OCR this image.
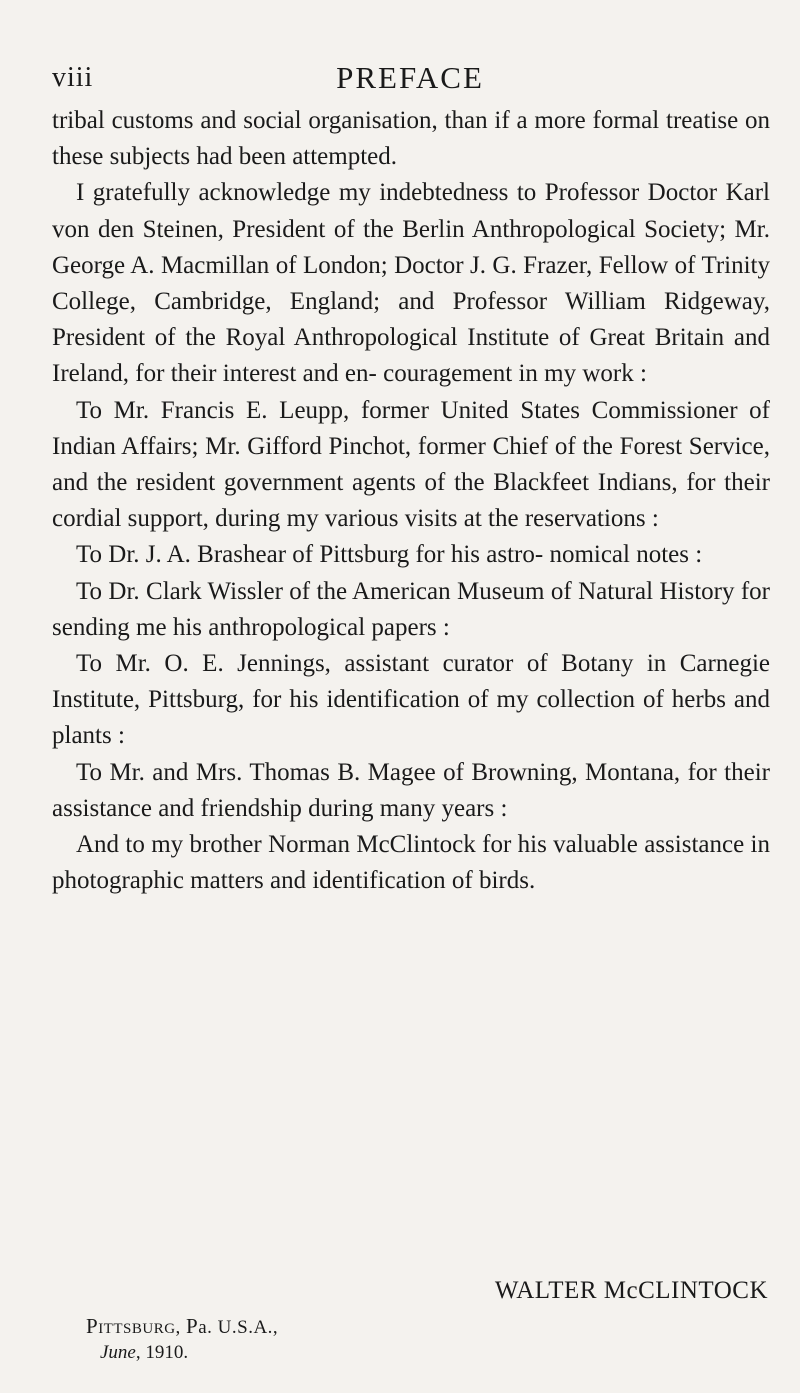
viii	PREFACE

tribal customs and social organisation, than if a more formal treatise on these subjects had been attempted.

I gratefully acknowledge my indebtedness to Professor Doctor Karl von den Steinen, President of the Berlin Anthropological Society; Mr. George A. Macmillan of London; Doctor J. G. Frazer, Fellow of Trinity College, Cambridge, England; and Professor William Ridgeway, President of the Royal Anthropological Institute of Great Britain and Ireland, for their interest and en- couragement in my work :

To Mr. Francis E. Leupp, former United States Commissioner of Indian Affairs; Mr. Gifford Pinchot, former Chief of the Forest Service, and the resident government agents of the Blackfeet Indians, for their cordial support, during my various visits at the reservations :

To Dr. J. A. Brashear of Pittsburg for his astro- nomical notes :

To Dr. Clark Wissler of the American Museum of Natural History for sending me his anthropological papers :

To Mr. O. E. Jennings, assistant curator of Botany in Carnegie Institute, Pittsburg, for his identification of my collection of herbs and plants :

To Mr. and Mrs. Thomas B. Magee of Browning, Montana, for their assistance and friendship during many years :

And to my brother Norman McClintock for his valuable assistance in photographic matters and identification of birds.

WALTER McCLINTOCK
PITTSBURG, Pa. U.S.A.,
June, 1910.
